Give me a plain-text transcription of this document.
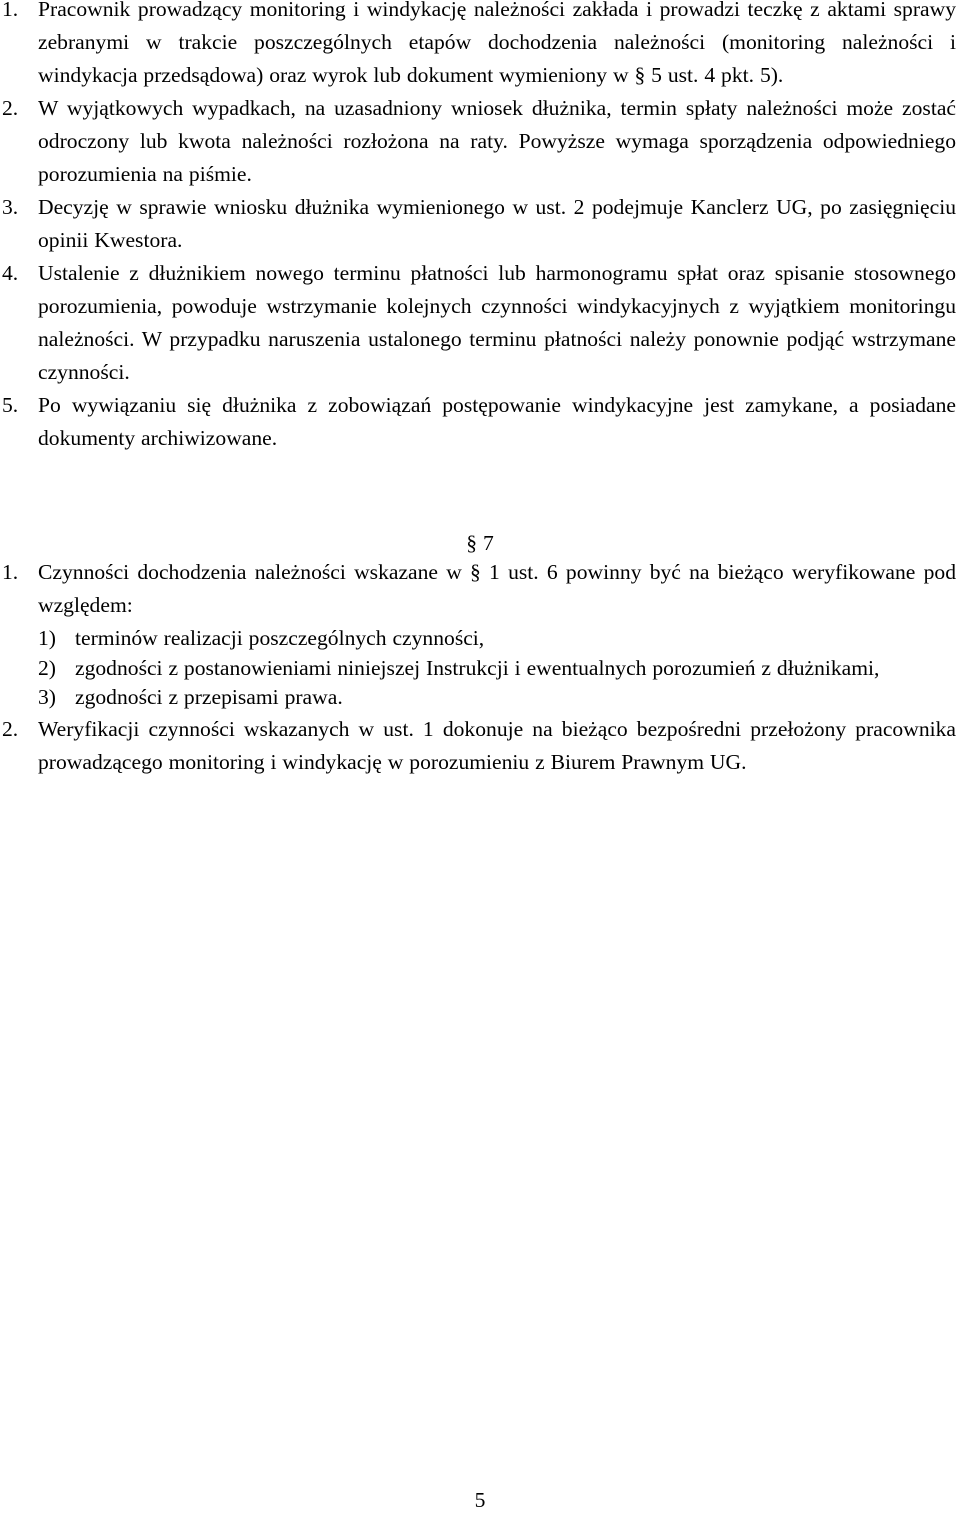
1. Pracownik prowadzący monitoring i windykację należności zakłada i prowadzi teczkę z aktami sprawy zebranymi w trakcie poszczególnych etapów dochodzenia należności (monitoring należności i windykacja przedsądowa) oraz wyrok lub dokument wymieniony w § 5 ust. 4 pkt. 5).
2. W wyjątkowych wypadkach, na uzasadniony wniosek dłużnika, termin spłaty należności może zostać odroczony lub kwota należności rozłożona na raty. Powyższe wymaga sporządzenia odpowiedniego porozumienia na piśmie.
3. Decyzję w sprawie wniosku dłużnika wymienionego w ust. 2 podejmuje Kanclerz UG, po zasięgnięciu opinii Kwestora.
4. Ustalenie z dłużnikiem nowego terminu płatności lub harmonogramu spłat oraz spisanie stosownego porozumienia, powoduje wstrzymanie kolejnych czynności windykacyjnych z wyjątkiem monitoringu należności. W przypadku naruszenia ustalonego terminu płatności należy ponownie podjąć wstrzymane czynności.
5. Po wywiązaniu się dłużnika z zobowiązań postępowanie windykacyjne jest zamykane, a posiadane dokumenty archiwizowane.
§ 7
1. Czynności dochodzenia należności wskazane w § 1 ust. 6 powinny być na bieżąco weryfikowane pod względem:
1) terminów realizacji poszczególnych czynności,
2) zgodności z postanowieniami niniejszej Instrukcji i ewentualnych porozumień z dłużnikami,
3) zgodności z przepisami prawa.
2. Weryfikacji czynności wskazanych w ust. 1 dokonuje na bieżąco bezpośredni przełożony pracownika prowadzącego monitoring i windykację w porozumieniu z Biurem Prawnym UG.
5
